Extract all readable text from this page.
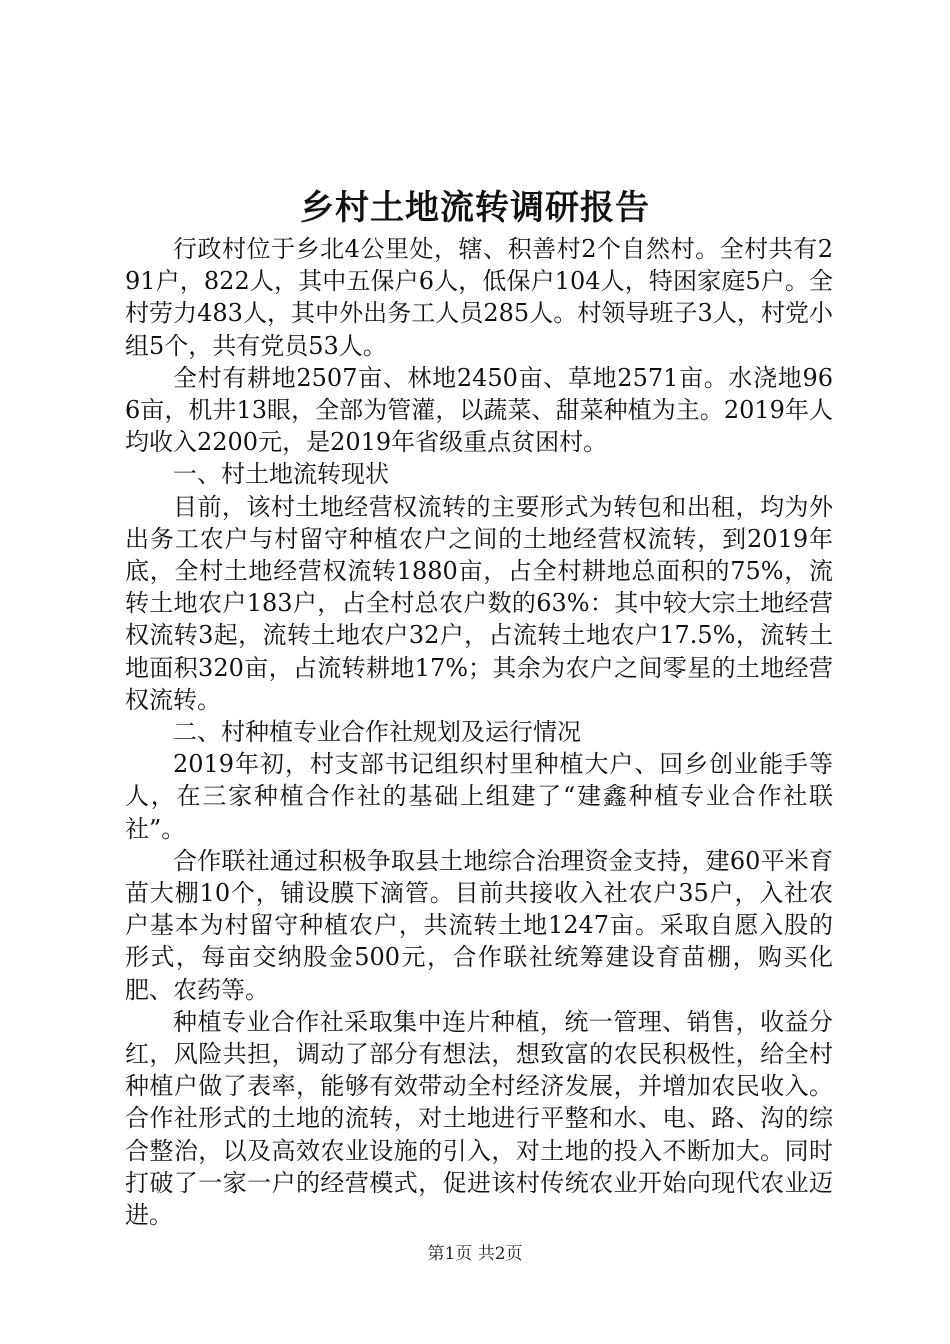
乡村土地流转调研报告

行政村位于乡北4公里处，辖、积善村2个自然村。全村共有291户，822人，其中五保户6人，低保户104人，特困家庭5户。全村劳力483人，其中外出务工人员285人。村领导班子3人，村党小组5个，共有党员53人。

全村有耕地2507亩、林地2450亩、草地2571亩。水浇地966亩，机井13眼，全部为管灌，以蔬菜、甜菜种植为主。2019年人均收入2200元，是2019年省级重点贫困村。

一、村土地流转现状

目前，该村土地经营权流转的主要形式为转包和出租，均为外出务工农户与村留守种植农户之间的土地经营权流转，到2019年底，全村土地经营权流转1880亩，占全村耕地总面积的75%，流转土地农户183户，占全村总农户数的63%：其中较大宗土地经营权流转3起，流转土地农户32户，占流转土地农户17.5%，流转土地面积320亩，占流转耕地17%；其余为农户之间零星的土地经营权流转。

二、村种植专业合作社规划及运行情况

2019年初，村支部书记组织村里种植大户、回乡创业能手等人，在三家种植合作社的基础上组建了“建鑫种植专业合作社联社”。

合作联社通过积极争取县土地综合治理资金支持，建60平米育苗大棚10个，铺设膜下滴管。目前共接收入社农户35户，入社农户基本为村留守种植农户，共流转土地1247亩。采取自愿入股的形式，每亩交纳股金500元，合作联社统筹建设育苗棚，购买化肥、农药等。

种植专业合作社采取集中连片种植，统一管理、销售，收益分红，风险共担，调动了部分有想法，想致富的农民积极性，给全村种植户做了表率，能够有效带动全村经济发展，并增加农民收入。合作社形式的土地的流转，对土地进行平整和水、电、路、沟的综合整治，以及高效农业设施的引入，对土地的投入不断加大。同时打破了一家一户的经营模式，促进该村传统农业开始向现代农业迈进。

第1页 共2页
